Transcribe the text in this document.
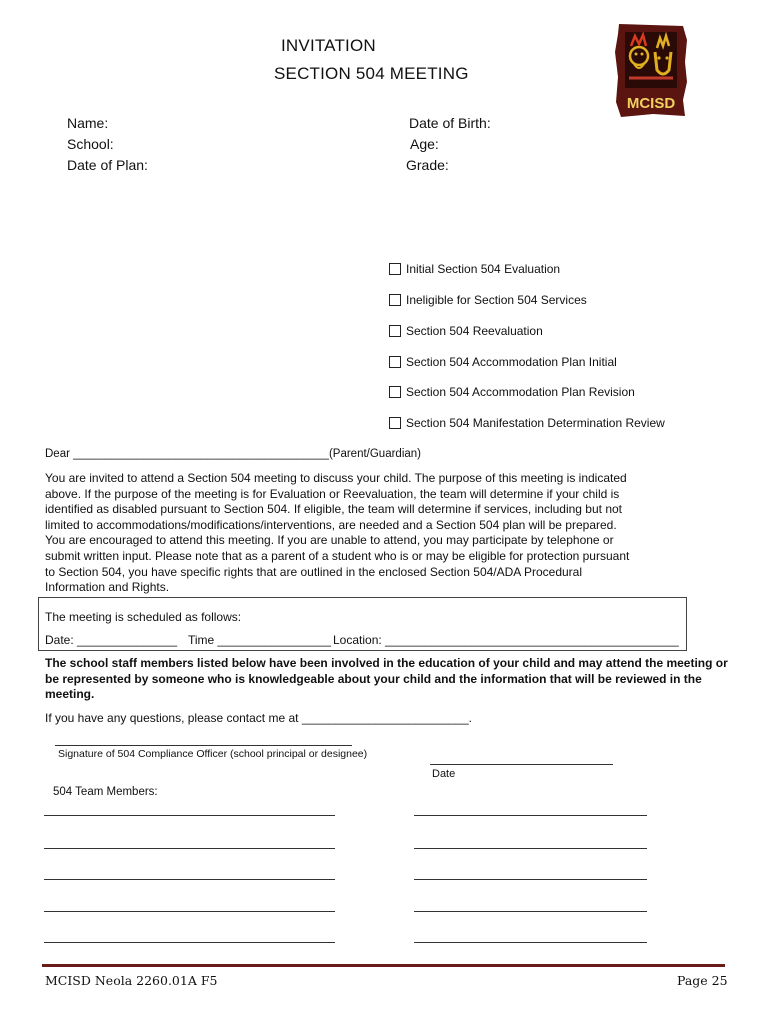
INVITATION
SECTION 504 MEETING
MCISD
Name:
School:
Date of Plan:
Date of Birth:
Age:
Grade:
Initial Section 504 Evaluation
Ineligible for Section 504 Services
Section 504 Reevaluation
Section 504 Accommodation Plan Initial
Section 504 Accommodation Plan Revision
Section 504 Manifestation Determination Review
Dear ________________________________________(Parent/Guardian)
You are invited to attend a Section 504 meeting to discuss your child. The purpose of this meeting is indicated
above. If the purpose of the meeting is for Evaluation or Reevaluation, the team will determine if your child is
identified as disabled pursuant to Section 504. If eligible, the team will determine if services, including but not
limited to accommodations/modifications/interventions, are needed and a Section 504 plan will be prepared.
You are encouraged to attend this meeting. If you are unable to attend, you may participate by telephone or
submit written input. Please note that as a parent of a student who is or may be eligible for protection pursuant
to Section 504, you have specific rights that are outlined in the enclosed Section 504/ADA Procedural
Information and Rights.
The meeting is scheduled as follows:
Date: _______________ Time _________________ Location: ____________________________________________
The school staff members listed below have been involved in the education of your child and may attend the meeting or
be represented by someone who is knowledgeable about your child and the information that will be reviewed in the
meeting.
If you have any questions, please contact me at _________________________.
Signature of 504 Compliance Officer (school principal or designee)
Date
504 Team Members:
MCISD Neola 2260.01A F5	Page 25
